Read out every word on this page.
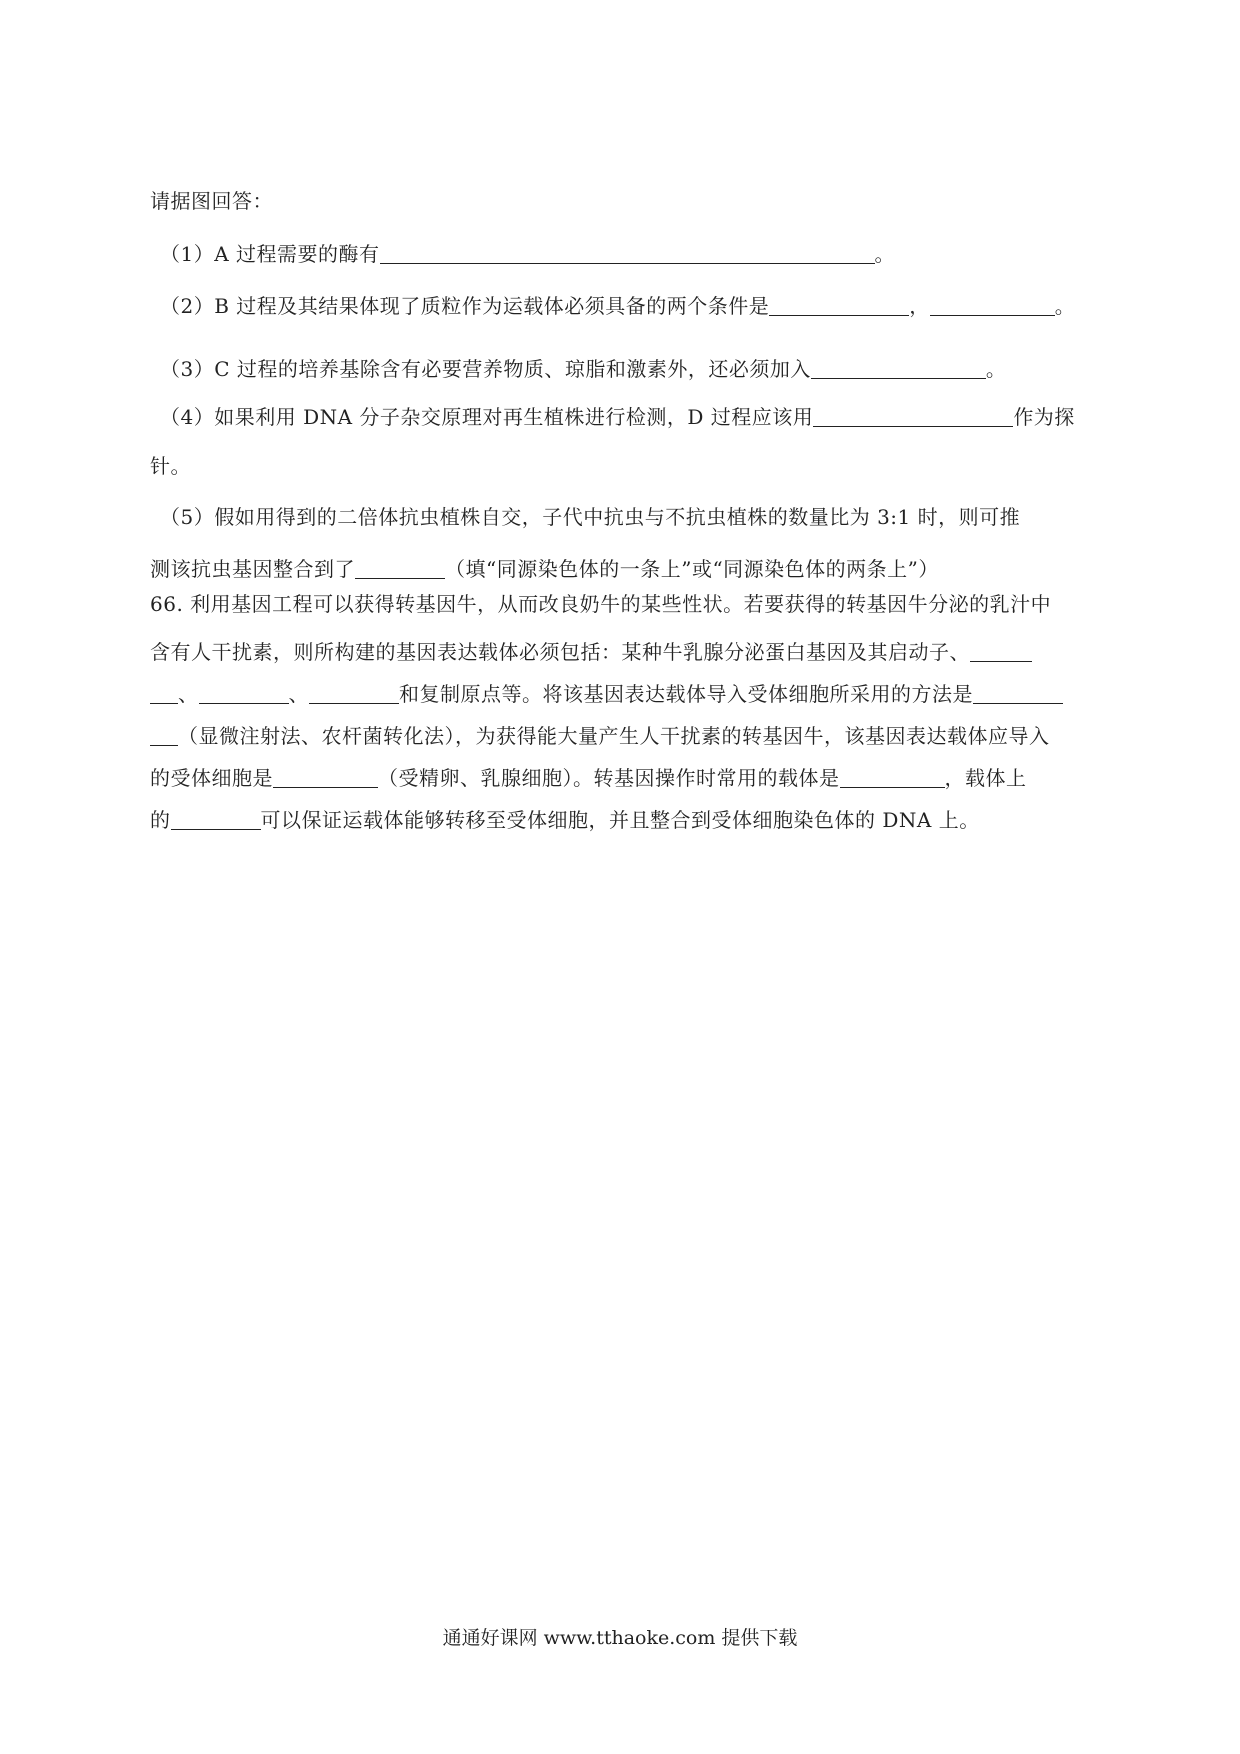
请据图回答：
（1）A 过程需要的酶有	。
（2）B 过程及其结果体现了质粒作为运载体必须具备的两个条件是	，	。
（3）C 过程的培养基除含有必要营养物质、琼脂和激素外，还必须加入	。
（4）如果利用 DNA 分子杂交原理对再生植株进行检测，D 过程应该用	作为探
针。
（5）假如用得到的二倍体抗虫植株自交，子代中抗虫与不抗虫植株的数量比为 3:1 时，则可推
测该抗虫基因整合到了	（填“同源染色体的一条上”或“同源染色体的两条上”）
66. 利用基因工程可以获得转基因牛，从而改良奶牛的某些性状。若要获得的转基因牛分泌的乳汁中
含有人干扰素，则所构建的基因表达载体必须包括：某种牛乳腺分泌蛋白基因及其启动子、
、	、	和复制原点等。将该基因表达载体导入受体细胞所采用的方法是
（显微注射法、农杆菌转化法），为获得能大量产生人干扰素的转基因牛，该基因表达载体应导入
的受体细胞是	（受精卵、乳腺细胞）。转基因操作时常用的载体是	，载体上
的	可以保证运载体能够转移至受体细胞，并且整合到受体细胞染色体的 DNA 上。
通通好课网 www.tthaoke.com 提供下载
